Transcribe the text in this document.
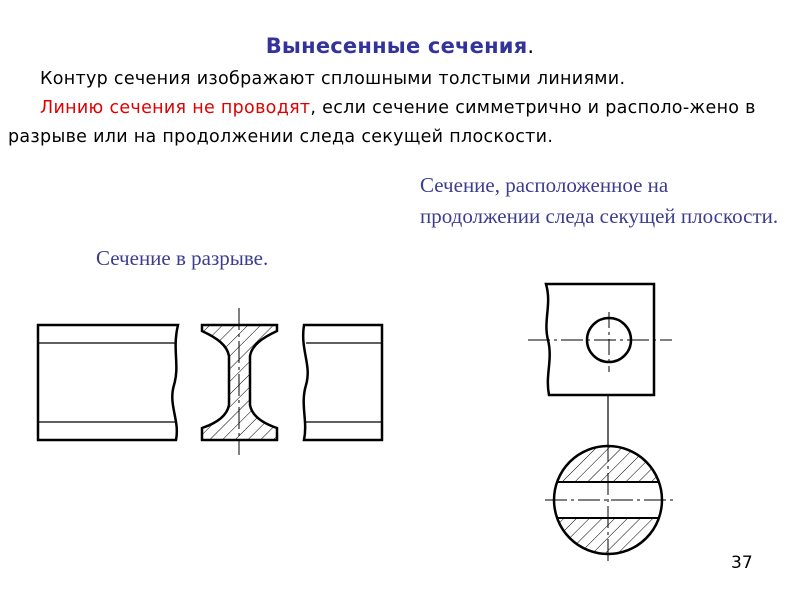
Вынесенные сечения.
Контур сечения изображают сплошными толстыми линиями.
Линию сечения не проводят, если сечение симметрично и располо-жено в разрыве или на продолжении следа секущей плоскости.
Сечение, расположенное на продолжении следа секущей плоскости.
Сечение в разрыве.
37
